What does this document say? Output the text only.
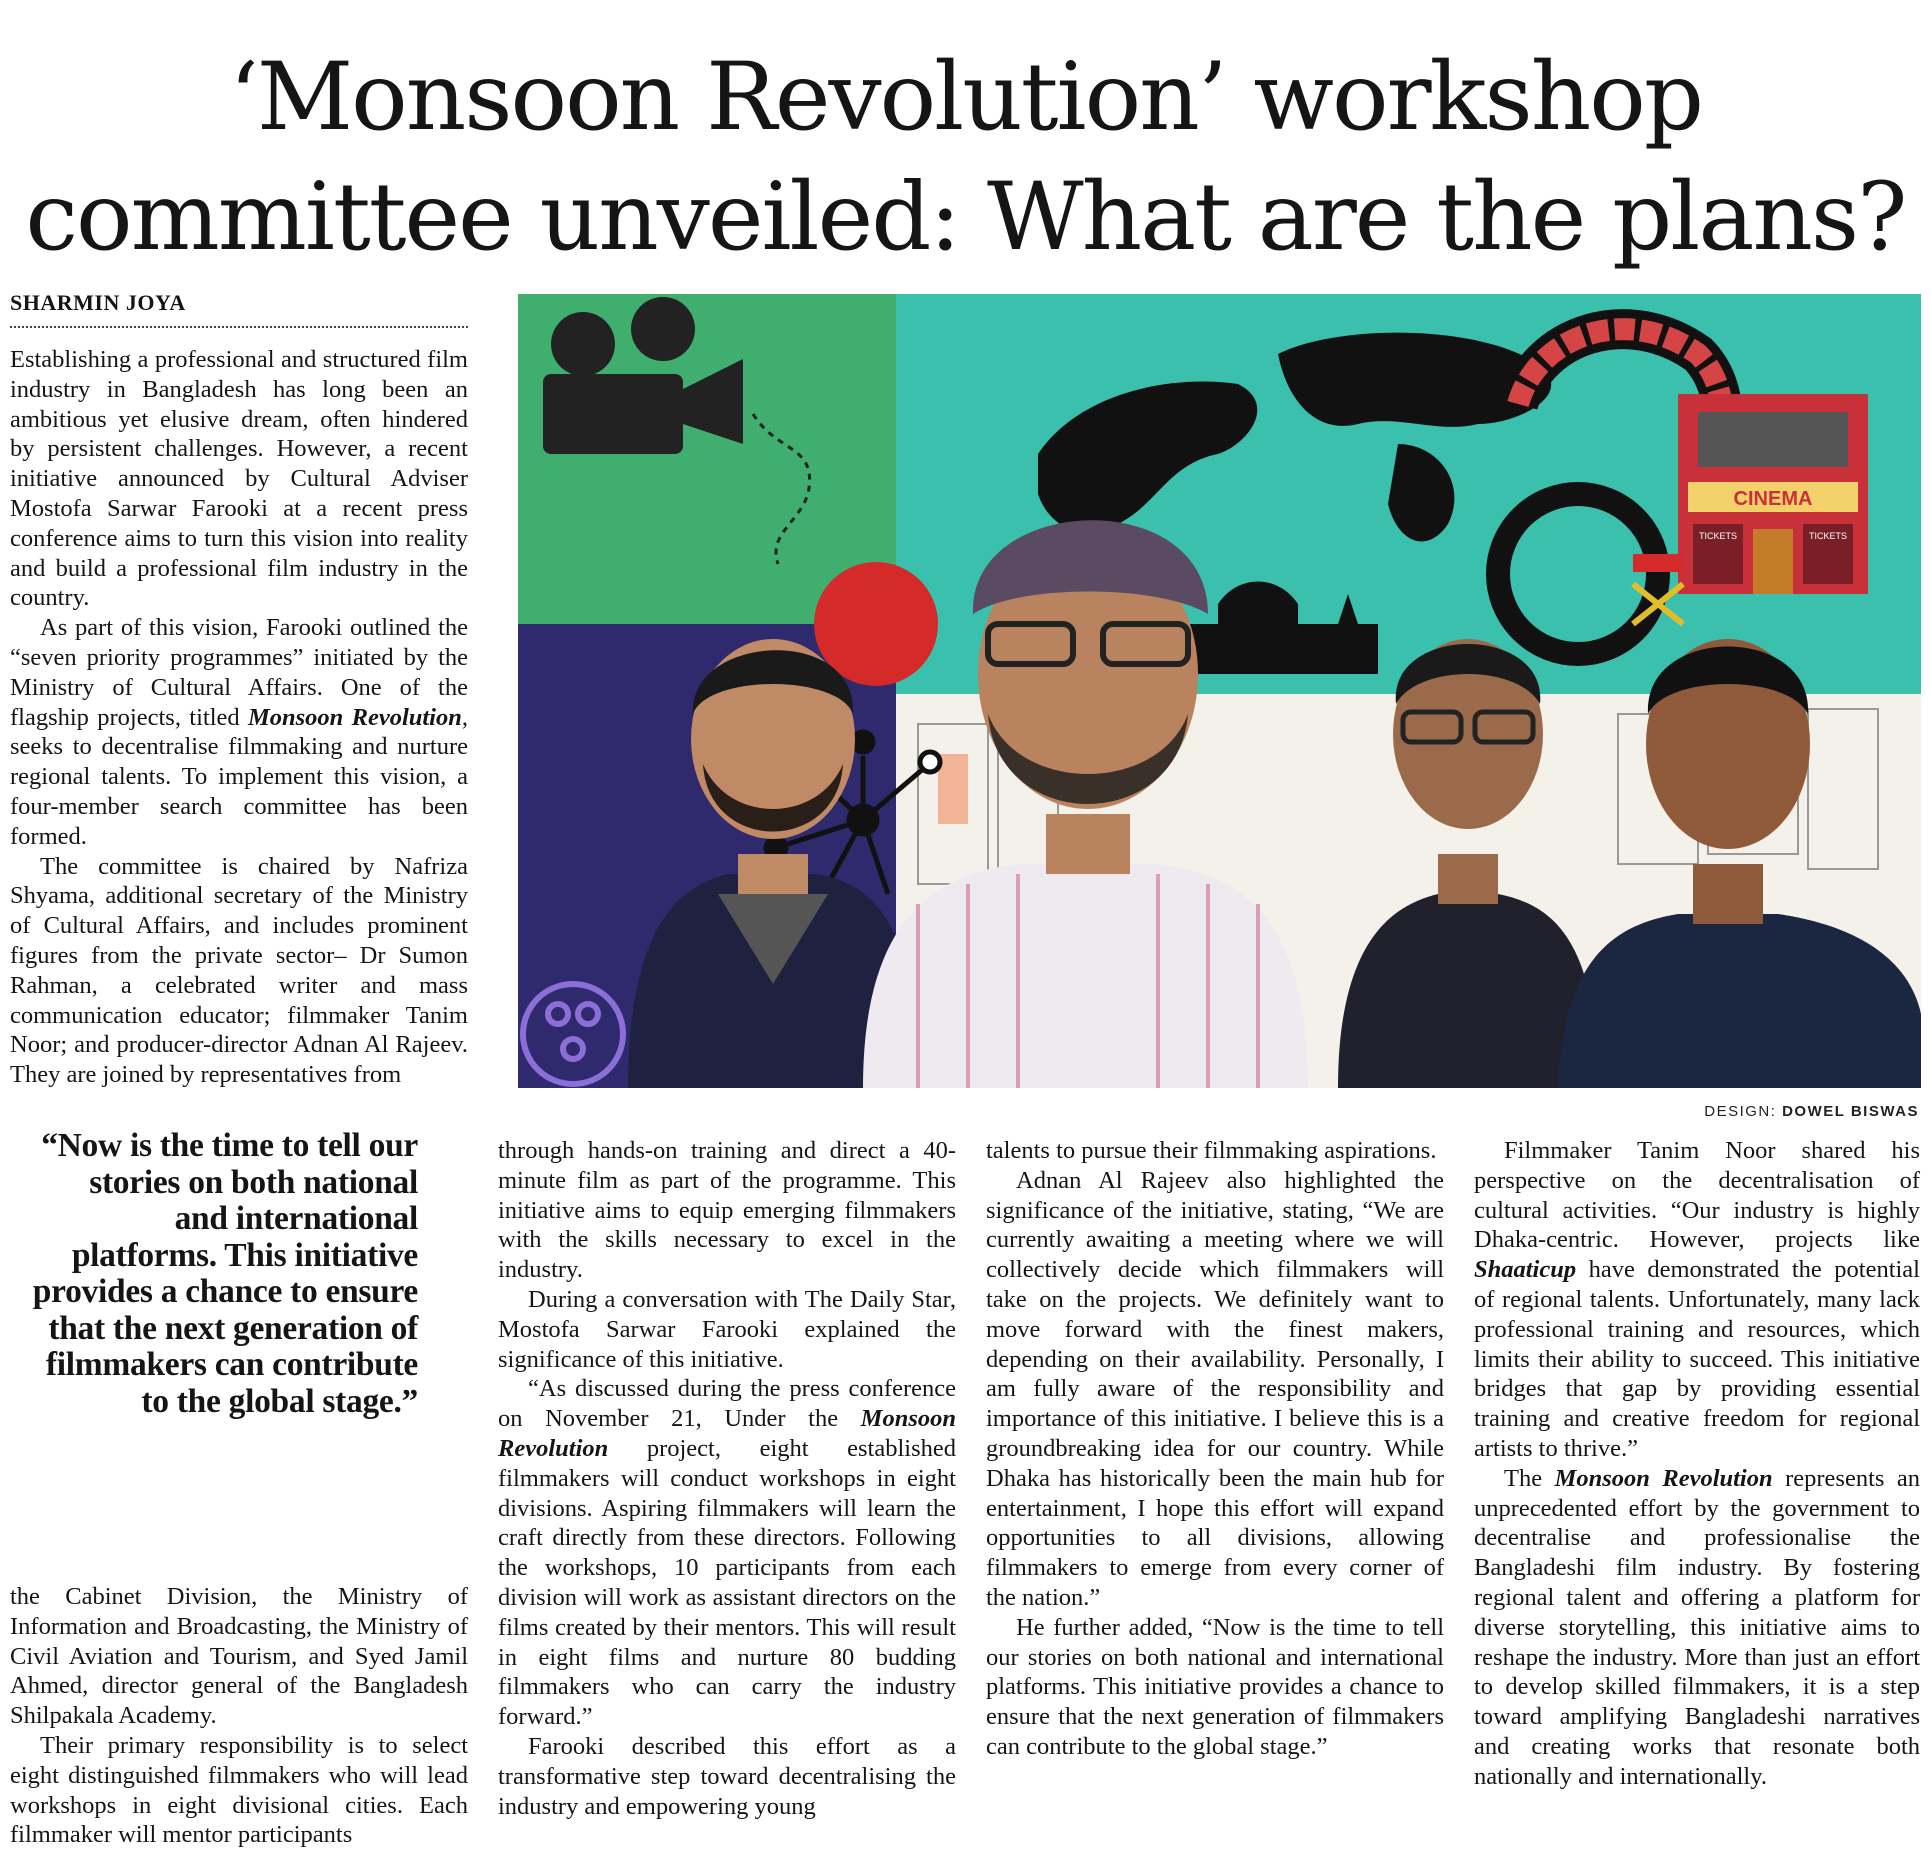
‘Monsoon Revolution’ workshop
committee unveiled: What are the plans?
SHARMIN JOYA

Establishing a professional and structured film industry in Bangladesh has long been an ambitious yet elusive dream, often hindered by persistent challenges. However, a recent initiative announced by Cultural Adviser Mostofa Sarwar Farooki at a recent press conference aims to turn this vision into reality and build a professional film industry in the country.

As part of this vision, Farooki outlined the “seven priority programmes” initiated by the Ministry of Cultural Affairs. One of the flagship projects, titled Monsoon Revolution, seeks to decentralise filmmaking and nurture regional talents. To implement this vision, a four-member search committee has been formed.

The committee is chaired by Nafriza Shyama, additional secretary of the Ministry of Cultural Affairs, and includes prominent figures from the private sector– Dr Sumon Rahman, a celebrated writer and mass communication educator; filmmaker Tanim Noor; and producer-director Adnan Al Rajeev. They are joined by representatives from

“Now is the time to tell our stories on both national and international platforms. This initiative provides a chance to ensure that the next generation of filmmakers can contribute to the global stage.”

the Cabinet Division, the Ministry of Information and Broadcasting, the Ministry of Civil Aviation and Tourism, and Syed Jamil Ahmed, director general of the Bangladesh Shilpakala Academy.

Their primary responsibility is to select eight distinguished filmmakers who will lead workshops in eight divisional cities. Each filmmaker will mentor participants

through hands-on training and direct a 40-minute film as part of the programme. This initiative aims to equip emerging filmmakers with the skills necessary to excel in the industry.

During a conversation with The Daily Star, Mostofa Sarwar Farooki explained the significance of this initiative.

“As discussed during the press conference on November 21, Under the Monsoon Revolution project, eight established filmmakers will conduct workshops in eight divisions. Aspiring filmmakers will learn the craft directly from these directors. Following the workshops, 10 participants from each division will work as assistant directors on the films created by their mentors. This will result in eight films and nurture 80 budding filmmakers who can carry the industry forward.”

Farooki described this effort as a transformative step toward decentralising the industry and empowering young

talents to pursue their filmmaking aspirations.

Adnan Al Rajeev also highlighted the significance of the initiative, stating, “We are currently awaiting a meeting where we will collectively decide which filmmakers will take on the projects. We definitely want to move forward with the finest makers, depending on their availability. Personally, I am fully aware of the responsibility and importance of this initiative. I believe this is a groundbreaking idea for our country. While Dhaka has historically been the main hub for entertainment, I hope this effort will expand opportunities to all divisions, allowing filmmakers to emerge from every corner of the nation.”

He further added, “Now is the time to tell our stories on both national and international platforms. This initiative provides a chance to ensure that the next generation of filmmakers can contribute to the global stage.”

Filmmaker Tanim Noor shared his perspective on the decentralisation of cultural activities. “Our industry is highly Dhaka-centric. However, projects like Shaaticup have demonstrated the potential of regional talents. Unfortunately, many lack professional training and resources, which limits their ability to succeed. This initiative bridges that gap by providing essential training and creative freedom for regional artists to thrive.”

The Monsoon Revolution represents an unprecedented effort by the government to decentralise and professionalise the Bangladeshi film industry. By fostering regional talent and offering a platform for diverse storytelling, this initiative aims to reshape the industry. More than just an effort to develop skilled filmmakers, it is a step toward amplifying Bangladeshi narratives and creating works that resonate both nationally and internationally.

CINEMA
TICKETS	TICKETS
DESIGN: DOWEL BISWAS
